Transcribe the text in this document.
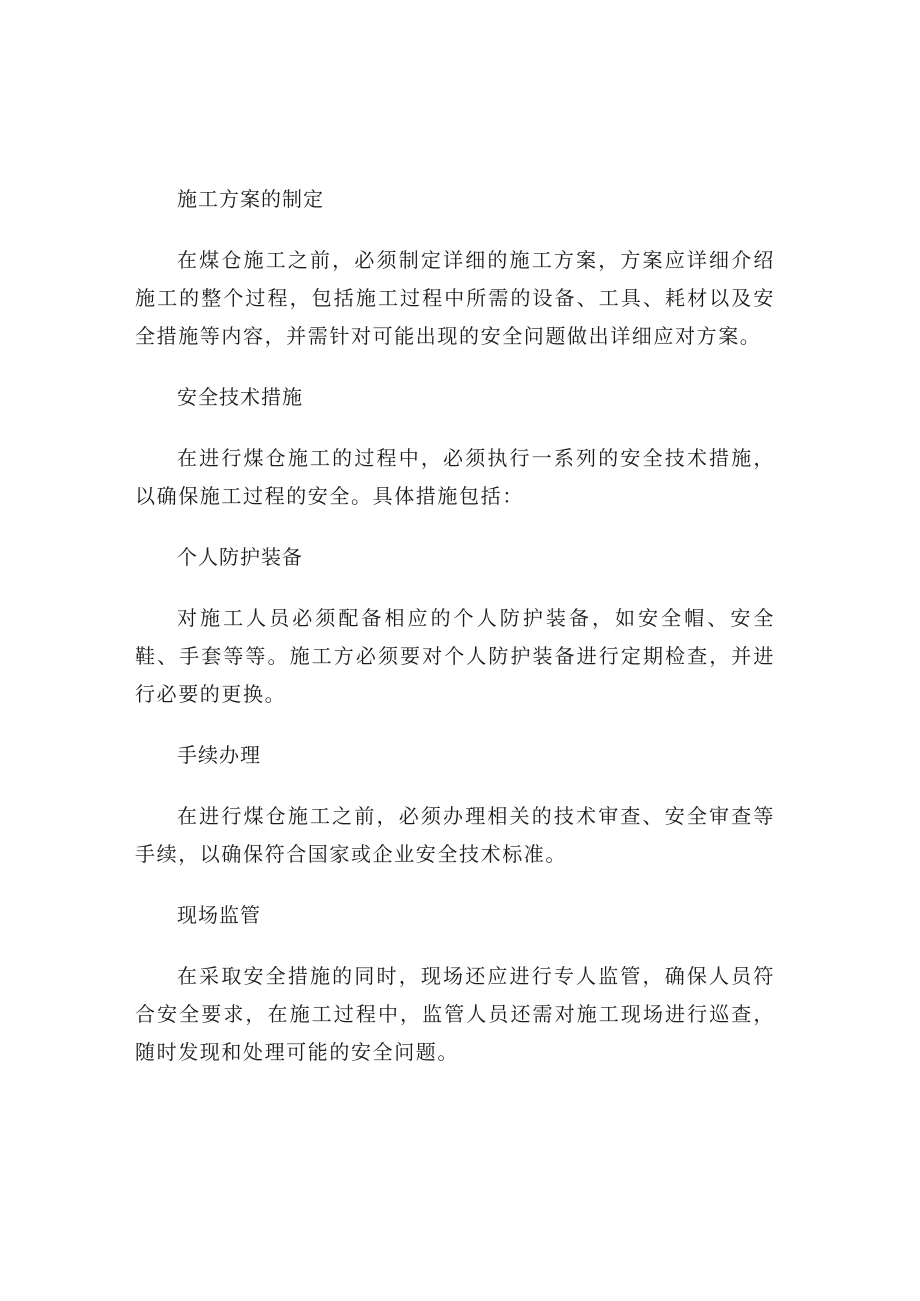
施工方案的制定

在煤仓施工之前，必须制定详细的施工方案，方案应详细介绍施工的整个过程，包括施工过程中所需的设备、工具、耗材以及安全措施等内容，并需针对可能出现的安全问题做出详细应对方案。

安全技术措施

在进行煤仓施工的过程中，必须执行一系列的安全技术措施，以确保施工过程的安全。具体措施包括：

个人防护装备

对施工人员必须配备相应的个人防护装备，如安全帽、安全鞋、手套等等。施工方必须要对个人防护装备进行定期检查，并进行必要的更换。

手续办理

在进行煤仓施工之前，必须办理相关的技术审查、安全审查等手续，以确保符合国家或企业安全技术标准。

现场监管

在采取安全措施的同时，现场还应进行专人监管，确保人员符合安全要求，在施工过程中，监管人员还需对施工现场进行巡查，随时发现和处理可能的安全问题。
